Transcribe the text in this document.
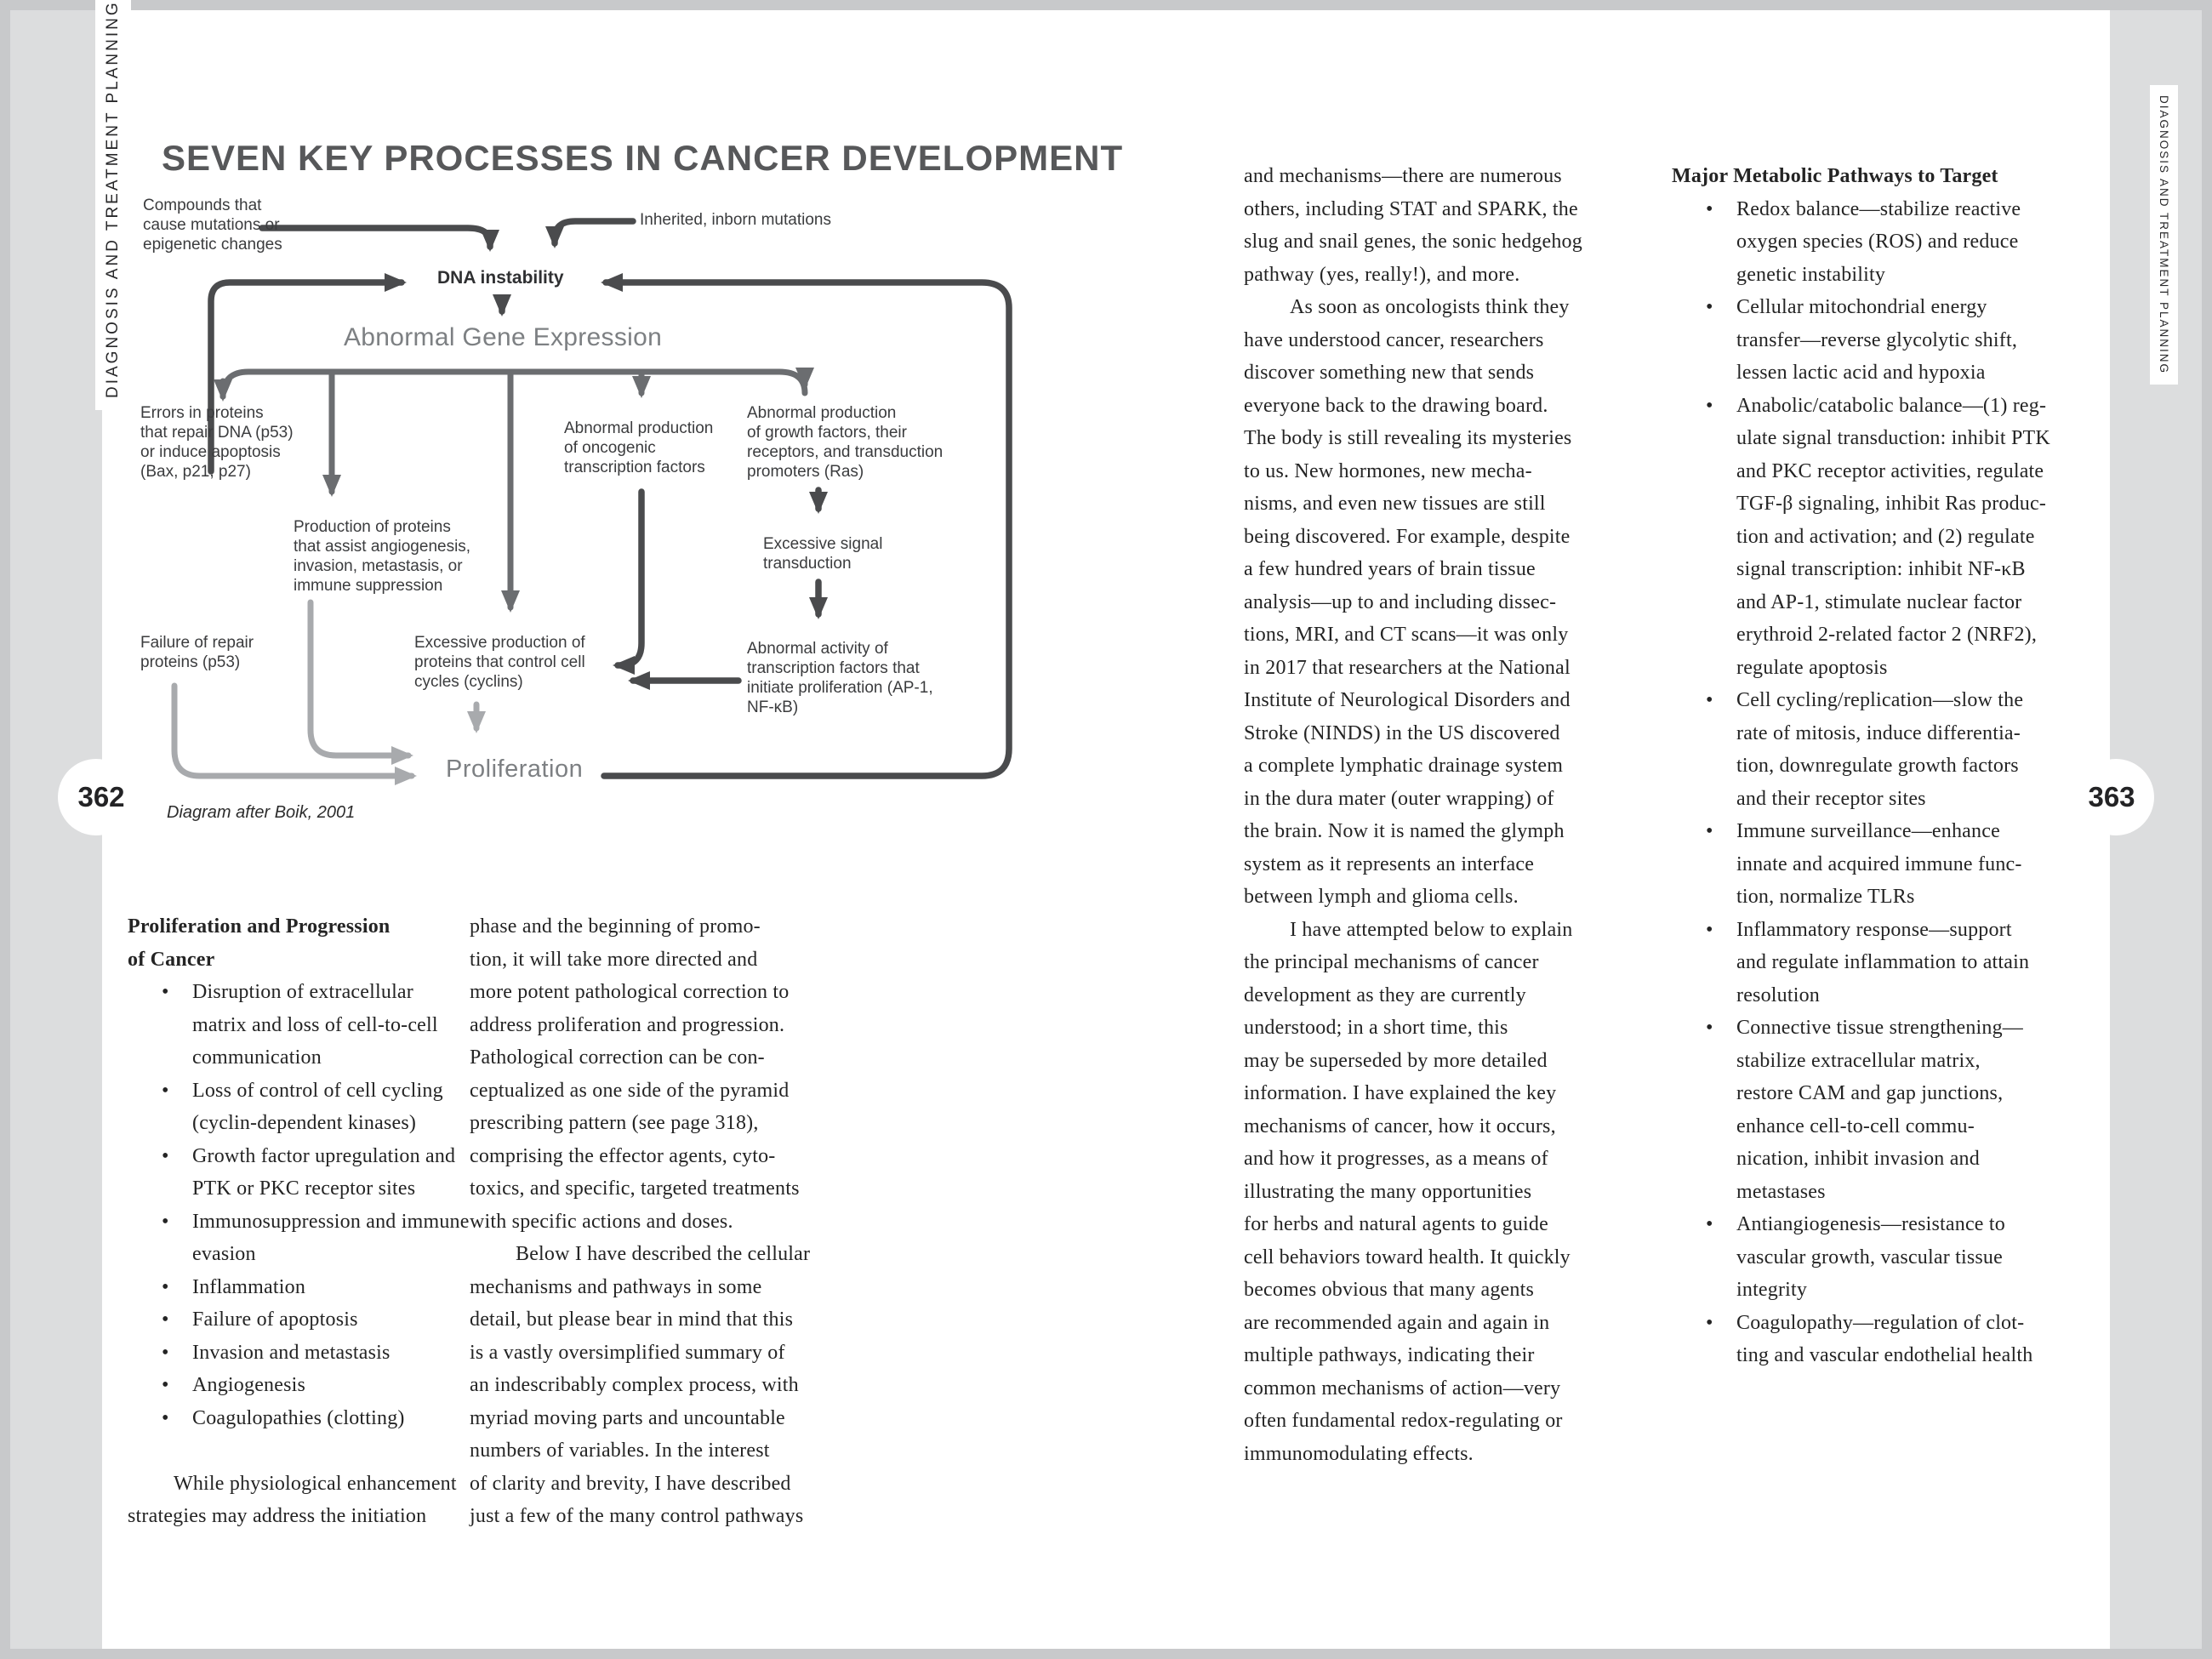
DIAGNOSIS AND TREATMENT PLANNING	DIAGNOSIS AND TREATMENT PLANNING
362	363
SEVEN KEY PROCESSES IN CANCER DEVELOPMENT
Compounds that
cause mutations or
epigenetic changes
Inherited, inborn mutations
DNA instability
Abnormal Gene Expression
Errors in proteins
that repair DNA (p53)
or induce apoptosis
(Bax, p21, p27)
Abnormal production
of oncogenic
transcription factors
Abnormal production
of growth factors, their
receptors, and transduction
promoters (Ras)
Production of proteins
that assist angiogenesis,
invasion, metastasis, or
immune suppression
Excessive signal
transduction
Failure of repair
proteins (p53)
Excessive production of
proteins that control cell
cycles (cyclins)
Abnormal activity of
transcription factors that
initiate proliferation (AP-1,
NF-κB)
Proliferation
Diagram after Boik, 2001
Proliferation and Progression
of Cancer
• Disruption of extracellular
matrix and loss of cell-to-cell
communication
• Loss of control of cell cycling
(cyclin-dependent kinases)
• Growth factor upregulation and
PTK or PKC receptor sites
• Immunosuppression and immune
evasion
• Inflammation
• Failure of apoptosis
• Invasion and metastasis
• Angiogenesis
• Coagulopathies (clotting)

While physiological enhancement
strategies may address the initiation
phase and the beginning of promo-
tion, it will take more directed and
more potent pathological correction to
address proliferation and progression.
Pathological correction can be con-
ceptualized as one side of the pyramid
prescribing pattern (see page 318),
comprising the effector agents, cyto-
toxics, and specific, targeted treatments
with specific actions and doses.
Below I have described the cellular
mechanisms and pathways in some
detail, but please bear in mind that this
is a vastly oversimplified summary of
an indescribably complex process, with
myriad moving parts and uncountable
numbers of variables. In the interest
of clarity and brevity, I have described
just a few of the many control pathways
and mechanisms—there are numerous
others, including STAT and SPARK, the
slug and snail genes, the sonic hedgehog
pathway (yes, really!), and more.
As soon as oncologists think they
have understood cancer, researchers
discover something new that sends
everyone back to the drawing board.
The body is still revealing its mysteries
to us. New hormones, new mecha-
nisms, and even new tissues are still
being discovered. For example, despite
a few hundred years of brain tissue
analysis—up to and including dissec-
tions, MRI, and CT scans—it was only
in 2017 that researchers at the National
Institute of Neurological Disorders and
Stroke (NINDS) in the US discovered
a complete lymphatic drainage system
in the dura mater (outer wrapping) of
the brain. Now it is named the glymph
system as it represents an interface
between lymph and glioma cells.
I have attempted below to explain
the principal mechanisms of cancer
development as they are currently
understood; in a short time, this
may be superseded by more detailed
information. I have explained the key
mechanisms of cancer, how it occurs,
and how it progresses, as a means of
illustrating the many opportunities
for herbs and natural agents to guide
cell behaviors toward health. It quickly
becomes obvious that many agents
are recommended again and again in
multiple pathways, indicating their
common mechanisms of action—very
often fundamental redox-regulating or
immunomodulating effects.
Major Metabolic Pathways to Target
• Redox balance—stabilize reactive
oxygen species (ROS) and reduce
genetic instability
• Cellular mitochondrial energy
transfer—reverse glycolytic shift,
lessen lactic acid and hypoxia
• Anabolic/catabolic balance—(1) reg-
ulate signal transduction: inhibit PTK
and PKC receptor activities, regulate
TGF-β signaling, inhibit Ras produc-
tion and activation; and (2) regulate
signal transcription: inhibit NF-κB
and AP-1, stimulate nuclear factor
erythroid 2-related factor 2 (NRF2),
regulate apoptosis
• Cell cycling/replication—slow the
rate of mitosis, induce differentia-
tion, downregulate growth factors
and their receptor sites
• Immune surveillance—enhance
innate and acquired immune func-
tion, normalize TLRs
• Inflammatory response—support
and regulate inflammation to attain
resolution
• Connective tissue strengthening—
stabilize extracellular matrix,
restore CAM and gap junctions,
enhance cell-to-cell commu-
nication, inhibit invasion and
metastases
• Antiangiogenesis—resistance to
vascular growth, vascular tissue
integrity
• Coagulopathy—regulation of clot-
ting and vascular endothelial health
